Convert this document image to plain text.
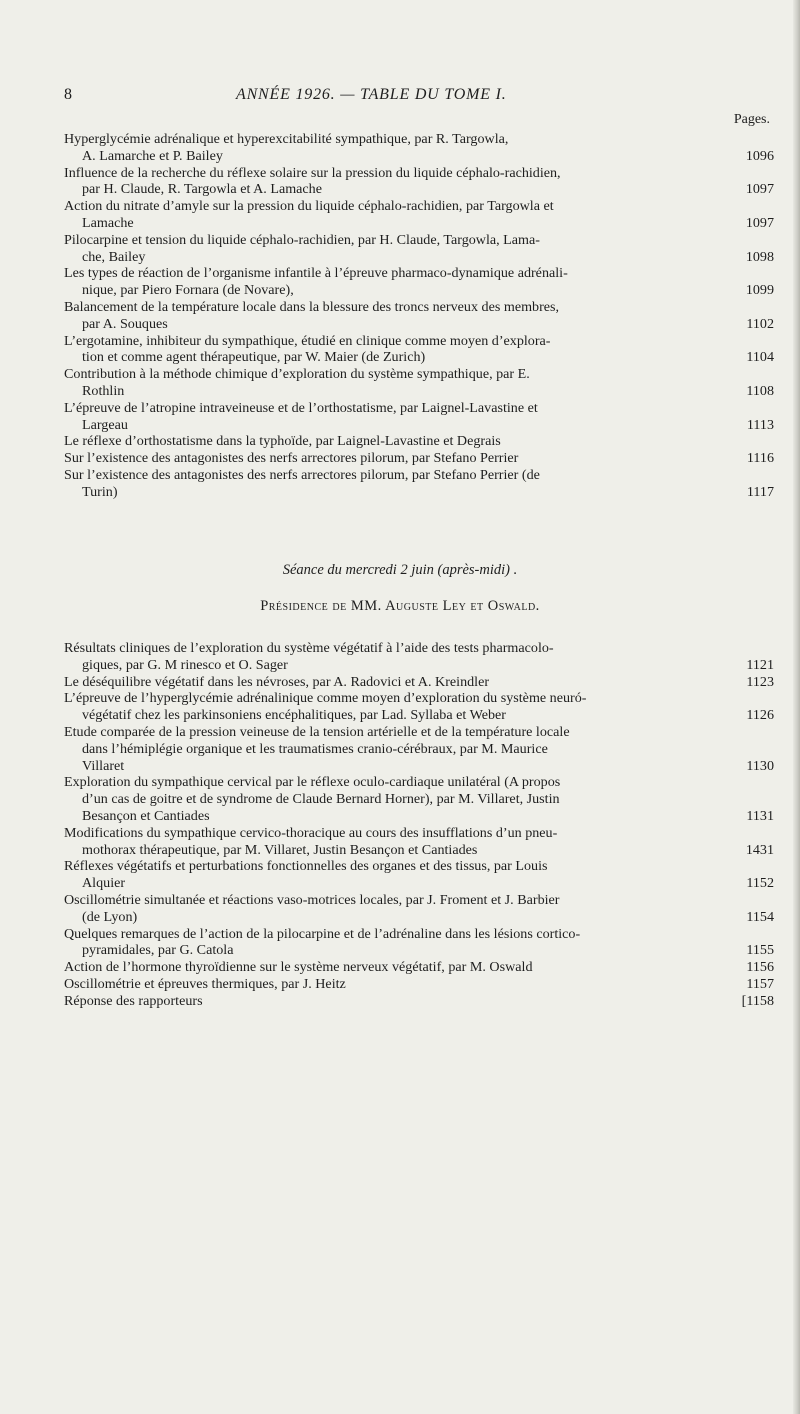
8	ANNÉE 1926. — TABLE DU TOME I.
Pages.
Hyperglycémie adrénalique et hyperexcitabilité sympathique, par R. Targowla,
A. Lamarche et P. Bailey	1096
Influence de la recherche du réflexe solaire sur la pression du liquide céphalo-rachidien,
par H. Claude, R. Targowla et A. Lamache	1097
Action du nitrate d’amyle sur la pression du liquide céphalo-rachidien, par Targowla et
Lamache	1097
Pilocarpine et tension du liquide céphalo-rachidien, par H. Claude, Targowla, Lama-
che, Bailey	1098
Les types de réaction de l’organisme infantile à l’épreuve pharmaco-dynamique adrénali-
nique, par Piero Fornara (de Novare),	1099
Balancement de la température locale dans la blessure des troncs nerveux des membres,
par A. Souques	1102
L’ergotamine, inhibiteur du sympathique, étudié en clinique comme moyen d’explora-
tion et comme agent thérapeutique, par W. Maier (de Zurich)	1104
Contribution à la méthode chimique d’exploration du système sympathique, par E.
Rothlin	1108
L’épreuve de l’atropine intraveineuse et de l’orthostatisme, par Laignel-Lavastine et
Largeau	1113
Le réflexe d’orthostatisme dans la typhoïde, par Laignel-Lavastine et Degrais
Sur l’existence des antagonistes des nerfs arrectores pilorum, par Stefano Perrier	1116
Sur l’existence des antagonistes des nerfs arrectores pilorum, par Stefano Perrier (de
Turin)	1117
Séance du mercredi 2 juin (après-midi) .
Présidence de MM. Auguste Ley et Oswald.
Résultats cliniques de l’exploration du système végétatif à l’aide des tests pharmacolo-
giques, par G. M rinesco et O. Sager	1121
Le déséquilibre végétatif dans les névroses, par A. Radovici et A. Kreindler	1123
L’épreuve de l’hyperglycémie adrénalinique comme moyen d’exploration du système neuró-
végétatif chez les parkinsoniens encéphalitiques, par Lad. Syllaba et Weber	1126
Etude comparée de la pression veineuse de la tension artérielle et de la température locale
dans l’hémiplégie organique et les traumatismes cranio-cérébraux, par M. Maurice
Villaret	1130
Exploration du sympathique cervical par le réflexe oculo-cardiaque unilatéral (A propos
d’un cas de goitre et de syndrome de Claude Bernard Horner), par M. Villaret, Justin
Besançon et Cantiades	1131
Modifications du sympathique cervico-thoracique au cours des insufflations d’un pneu-
mothorax thérapeutique, par M. Villaret, Justin Besançon et Cantiades	1431
Réflexes végétatifs et perturbations fonctionnelles des organes et des tissus, par Louis
Alquier	1152
Oscillométrie simultanée et réactions vaso-motrices locales, par J. Froment et J. Barbier
(de Lyon)	1154
Quelques remarques de l’action de la pilocarpine et de l’adrénaline dans les lésions cortico-
pyramidales, par G. Catola	1155
Action de l’hormone thyroïdienne sur le système nerveux végétatif, par M. Oswald	1156
Oscillométrie et épreuves thermiques, par J. Heitz	1157
Réponse des rapporteurs	[1158
